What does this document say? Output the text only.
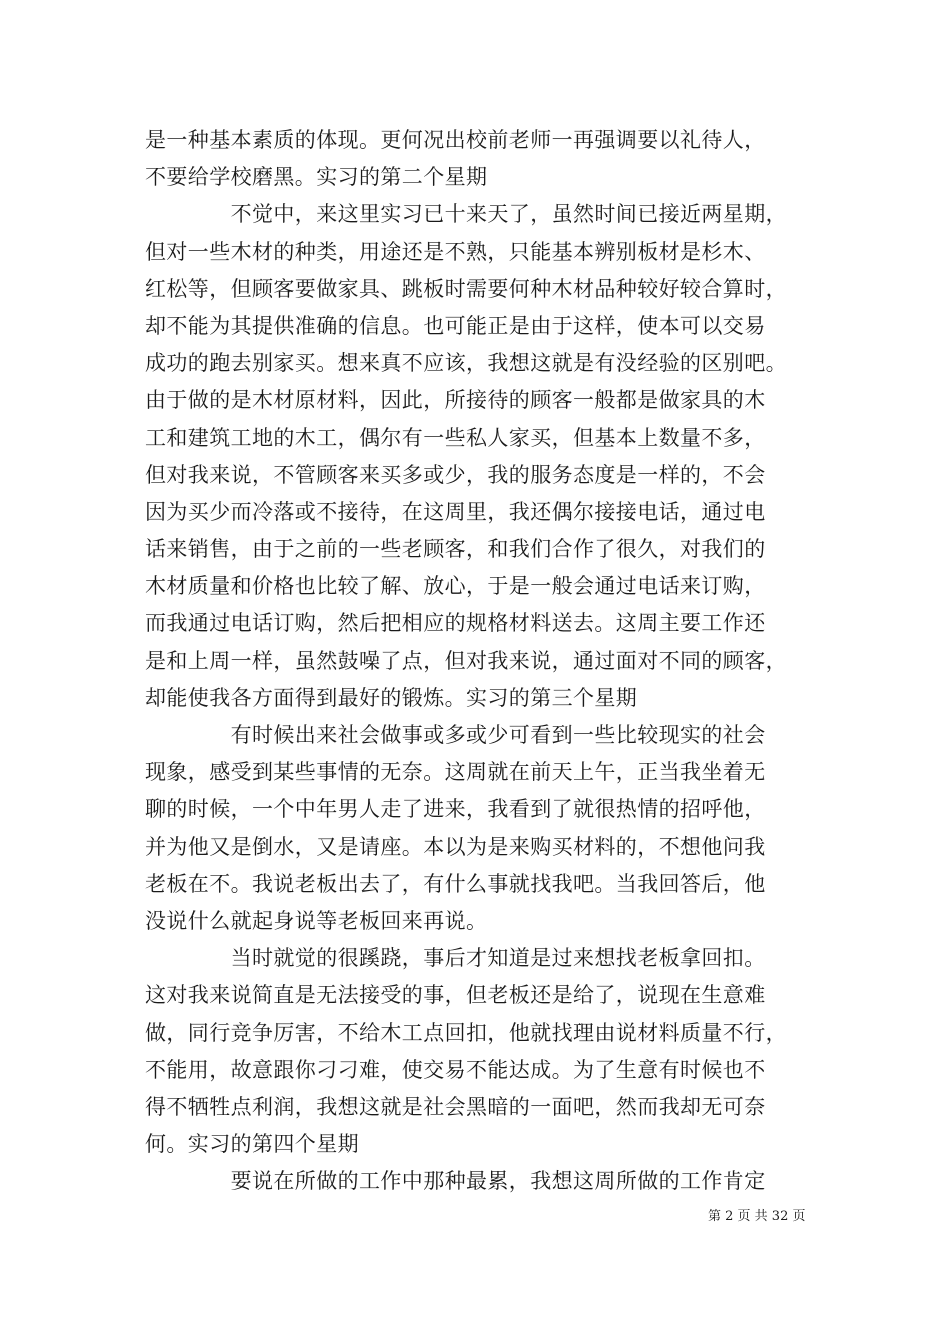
是一种基本素质的体现。更何况出校前老师一再强调要以礼待人，
不要给学校磨黑。实习的第二个星期
　　　　不觉中，来这里实习已十来天了，虽然时间已接近两星期，
但对一些木材的种类，用途还是不熟，只能基本辨别板材是杉木、
红松等，但顾客要做家具、跳板时需要何种木材品种较好较合算时，
却不能为其提供准确的信息。也可能正是由于这样，使本可以交易
成功的跑去别家买。想来真不应该，我想这就是有没经验的区别吧。
由于做的是木材原材料，因此，所接待的顾客一般都是做家具的木
工和建筑工地的木工，偶尔有一些私人家买，但基本上数量不多，
但对我来说，不管顾客来买多或少，我的服务态度是一样的，不会
因为买少而冷落或不接待，在这周里，我还偶尔接接电话，通过电
话来销售，由于之前的一些老顾客，和我们合作了很久，对我们的
木材质量和价格也比较了解、放心，于是一般会通过电话来订购，
而我通过电话订购，然后把相应的规格材料送去。这周主要工作还
是和上周一样，虽然鼓噪了点，但对我来说，通过面对不同的顾客，
却能使我各方面得到最好的锻炼。实习的第三个星期
　　　　有时候出来社会做事或多或少可看到一些比较现实的社会
现象，感受到某些事情的无奈。这周就在前天上午，正当我坐着无
聊的时候，一个中年男人走了进来，我看到了就很热情的招呼他，
并为他又是倒水，又是请座。本以为是来购买材料的，不想他问我
老板在不。我说老板出去了，有什么事就找我吧。当我回答后，他
没说什么就起身说等老板回来再说。
　　　　当时就觉的很蹊跷，事后才知道是过来想找老板拿回扣。
这对我来说简直是无法接受的事，但老板还是给了，说现在生意难
做，同行竞争厉害，不给木工点回扣，他就找理由说材料质量不行，
不能用，故意跟你刁刁难，使交易不能达成。为了生意有时候也不
得不牺牲点利润，我想这就是社会黑暗的一面吧，然而我却无可奈
何。实习的第四个星期
　　　　要说在所做的工作中那种最累，我想这周所做的工作肯定
第 2 页 共 32 页
